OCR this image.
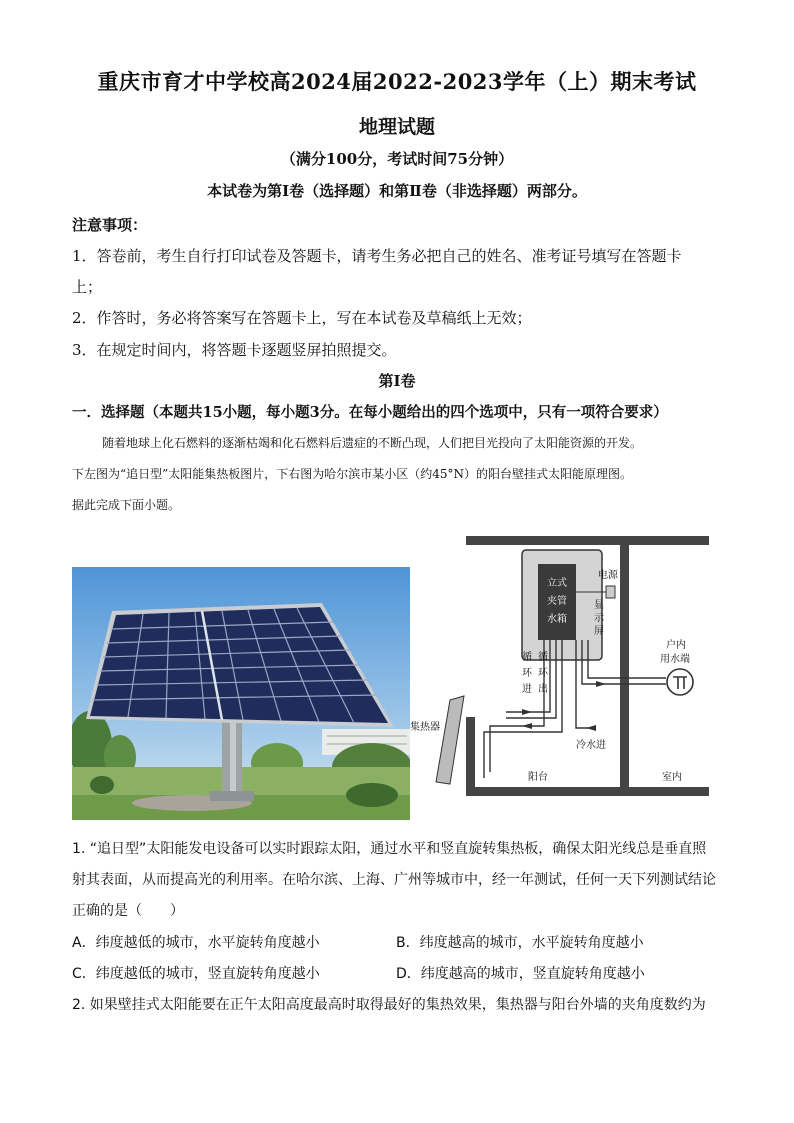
重庆市育才中学校高2024届2022-2023学年（上）期末考试
地理试题
（满分100分，考试时间75分钟）
本试卷为第Ⅰ卷（选择题）和第Ⅱ卷（非选择题）两部分。
注意事项：
1．答卷前，考生自行打印试卷及答题卡，请考生务必把自己的姓名、准考证号填写在答题卡
上；
2．作答时，务必将答案写在答题卡上，写在本试卷及草稿纸上无效；
3．在规定时间内，将答题卡逐题竖屏拍照提交。
第Ⅰ卷
一．选择题（本题共15小题，每小题3分。在每小题给出的四个选项中，只有一项符合要求）
随着地球上化石燃料的逐渐枯竭和化石燃料后遗症的不断凸现，人们把目光投向了太阳能资源的开发。
下左图为“追日型”太阳能集热板图片，下右图为哈尔滨市某小区（约45°N）的阳台壁挂式太阳能原理图。
据此完成下面小题。
立式
夹管
水箱
电源
显
示
屏
循
环
进
循
环
出
户内
用水端
集热器
冷水进
阳台	室内
1. “追日型”太阳能发电设备可以实时跟踪太阳，通过水平和竖直旋转集热板，确保太阳光线总是垂直照
射其表面，从而提高光的利用率。在哈尔滨、上海、广州等城市中，经一年测试，任何一天下列测试结论
正确的是（　　）
A．纬度越低的城市，水平旋转角度越小	B．纬度越高的城市，水平旋转角度越小
C．纬度越低的城市，竖直旋转角度越小	D．纬度越高的城市，竖直旋转角度越小
2. 如果壁挂式太阳能要在正午太阳高度最高时取得最好的集热效果，集热器与阳台外墙的夹角度数约为
